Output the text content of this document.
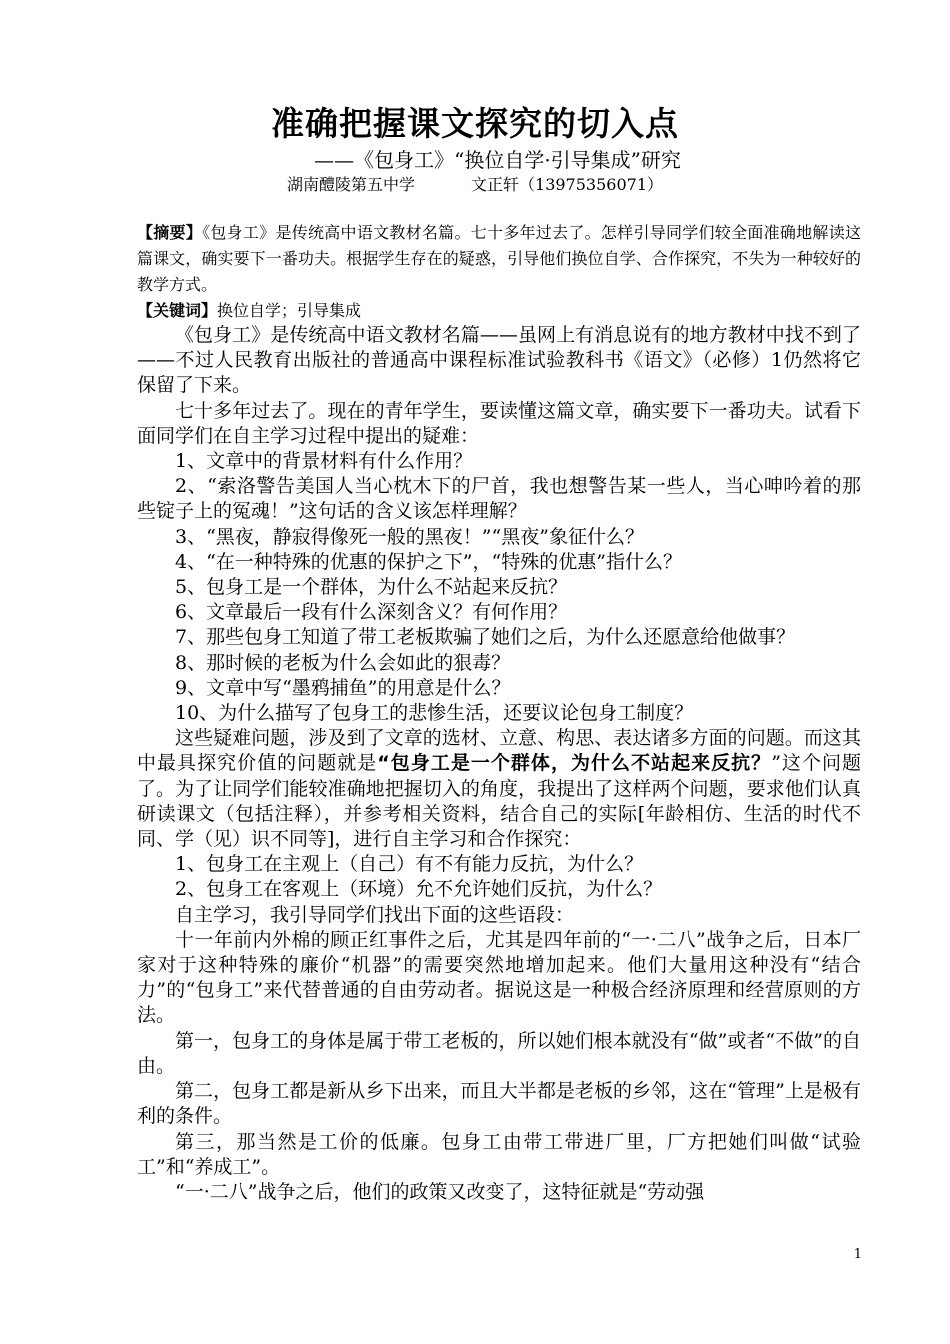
准确把握课文探究的切入点
——《包身工》“换位自学·引导集成”研究
湖南醴陵第五中学	文正轩（13975356071）

【摘要】《包身工》是传统高中语文教材名篇。七十多年过去了。怎样引导同学们较全面准确地解读这篇课文，确实要下一番功夫。根据学生存在的疑惑，引导他们换位自学、合作探究，不失为一种较好的教学方式。

【关键词】换位自学；引导集成

《包身工》是传统高中语文教材名篇——虽网上有消息说有的地方教材中找不到了——不过人民教育出版社的普通高中课程标准试验教科书《语文》（必修）1仍然将它保留了下来。

七十多年过去了。现在的青年学生，要读懂这篇文章，确实要下一番功夫。试看下面同学们在自主学习过程中提出的疑难：

1、文章中的背景材料有什么作用？

2、“索洛警告美国人当心枕木下的尸首，我也想警告某一些人，当心呻吟着的那些锭子上的冤魂！”这句话的含义该怎样理解？

3、“黑夜，静寂得像死一般的黑夜！”“黑夜”象征什么？

4、“在一种特殊的优惠的保护之下”，“特殊的优惠”指什么？

5、包身工是一个群体，为什么不站起来反抗？

6、文章最后一段有什么深刻含义？有何作用？

7、那些包身工知道了带工老板欺骗了她们之后，为什么还愿意给他做事？

8、那时候的老板为什么会如此的狠毒？

9、文章中写“墨鸦捕鱼”的用意是什么？

10、为什么描写了包身工的悲惨生活，还要议论包身工制度？

这些疑难问题，涉及到了文章的选材、立意、构思、表达诸多方面的问题。而这其中最具探究价值的问题就是“包身工是一个群体，为什么不站起来反抗？”这个问题了。为了让同学们能较准确地把握切入的角度，我提出了这样两个问题，要求他们认真研读课文（包括注释），并参考相关资料，结合自己的实际[年龄相仿、生活的时代不同、学（见）识不同等]，进行自主学习和合作探究：

1、包身工在主观上（自己）有不有能力反抗，为什么？

2、包身工在客观上（环境）允不允许她们反抗，为什么？

自主学习，我引导同学们找出下面的这些语段：

十一年前内外棉的顾正红事件之后，尤其是四年前的“一·二八”战争之后，日本厂家对于这种特殊的廉价“机器”的需要突然地增加起来。他们大量用这种没有“结合力”的“包身工”来代替普通的自由劳动者。据说这是一种极合经济原理和经营原则的方法。

第一，包身工的身体是属于带工老板的，所以她们根本就没有“做”或者“不做”的自由。

第二，包身工都是新从乡下出来，而且大半都是老板的乡邻，这在“管理”上是极有利的条件。

第三，那当然是工价的低廉。包身工由带工带进厂里，厂方把她们叫做“试验工”和“养成工”。

“一·二八”战争之后，他们的政策又改变了，这特征就是“劳动强

1
